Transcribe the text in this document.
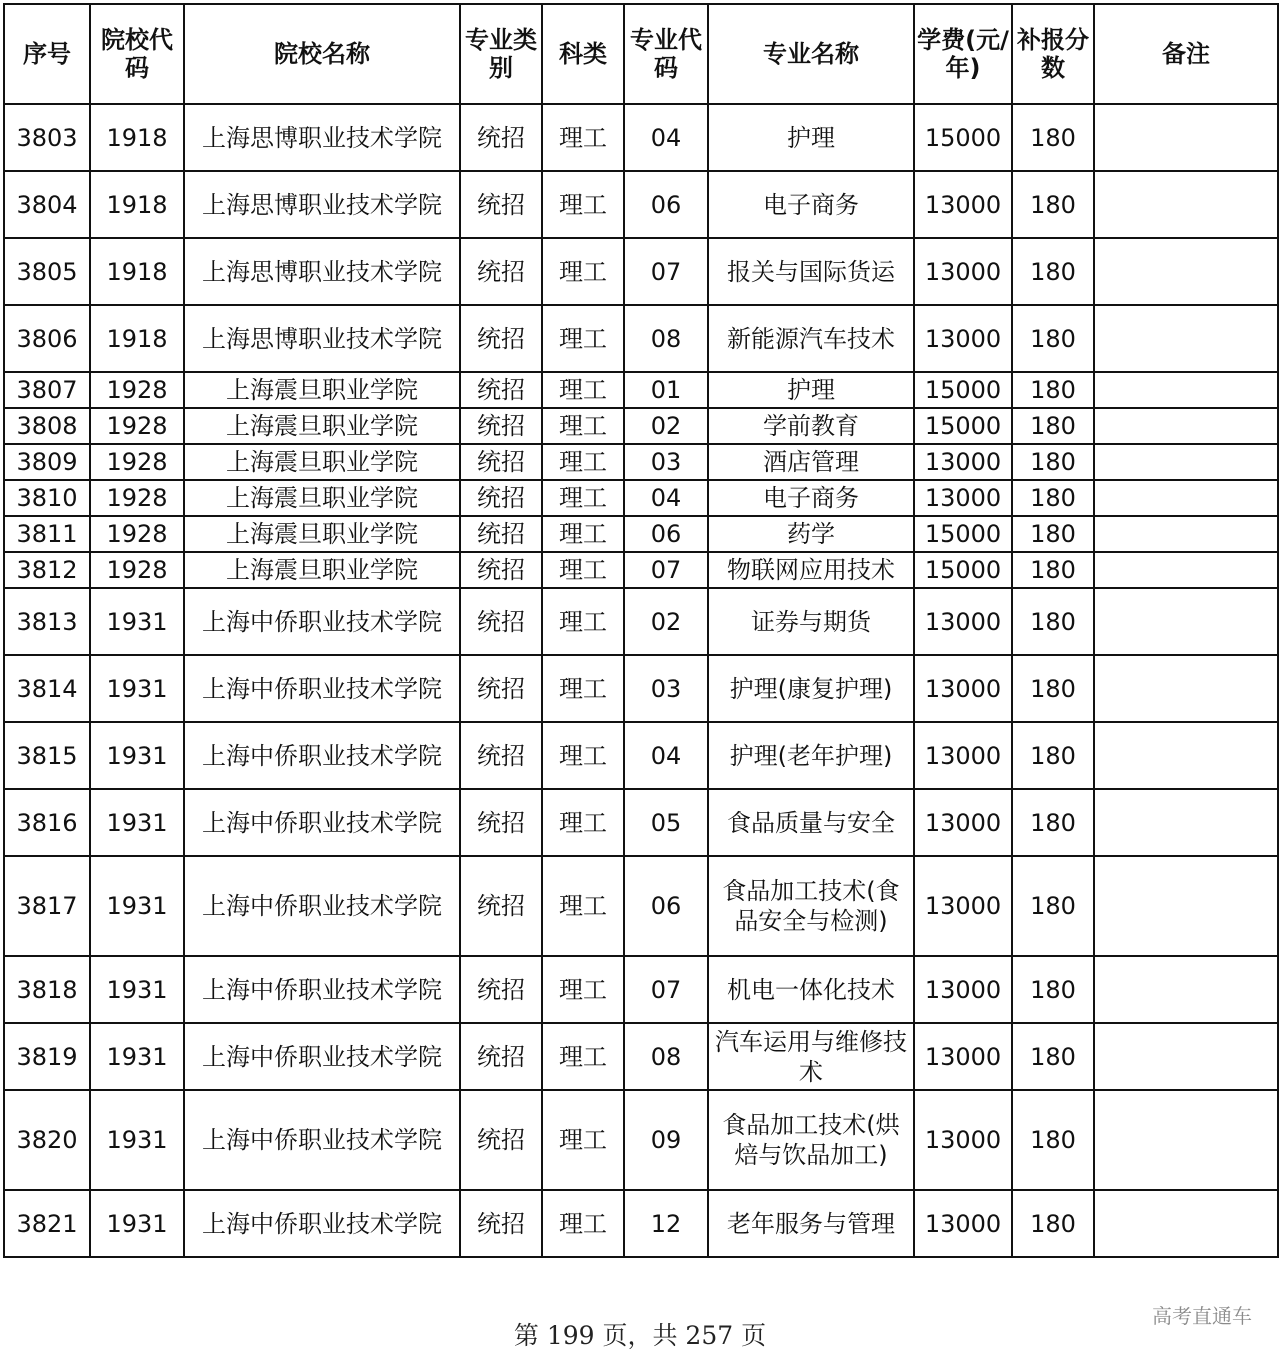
序号	院校代码	院校名称	专业类别	科类	专业代码	专业名称	学费(元/年)	补报分数	备注
3803	1918	上海思博职业技术学院	统招	理工	04	护理	15000	180	
3804	1918	上海思博职业技术学院	统招	理工	06	电子商务	13000	180	
3805	1918	上海思博职业技术学院	统招	理工	07	报关与国际货运	13000	180	
3806	1918	上海思博职业技术学院	统招	理工	08	新能源汽车技术	13000	180	
3807	1928	上海震旦职业学院	统招	理工	01	护理	15000	180	
3808	1928	上海震旦职业学院	统招	理工	02	学前教育	15000	180	
3809	1928	上海震旦职业学院	统招	理工	03	酒店管理	13000	180	
3810	1928	上海震旦职业学院	统招	理工	04	电子商务	13000	180	
3811	1928	上海震旦职业学院	统招	理工	06	药学	15000	180	
3812	1928	上海震旦职业学院	统招	理工	07	物联网应用技术	15000	180	
3813	1931	上海中侨职业技术学院	统招	理工	02	证券与期货	13000	180	
3814	1931	上海中侨职业技术学院	统招	理工	03	护理(康复护理)	13000	180	
3815	1931	上海中侨职业技术学院	统招	理工	04	护理(老年护理)	13000	180	
3816	1931	上海中侨职业技术学院	统招	理工	05	食品质量与安全	13000	180	
3817	1931	上海中侨职业技术学院	统招	理工	06	食品加工技术(食品安全与检测)	13000	180	
3818	1931	上海中侨职业技术学院	统招	理工	07	机电一体化技术	13000	180	
3819	1931	上海中侨职业技术学院	统招	理工	08	汽车运用与维修技术	13000	180	
3820	1931	上海中侨职业技术学院	统招	理工	09	食品加工技术(烘焙与饮品加工)	13000	180	
3821	1931	上海中侨职业技术学院	统招	理工	12	老年服务与管理	13000	180	
第 199 页，共 257 页
高考直通车
